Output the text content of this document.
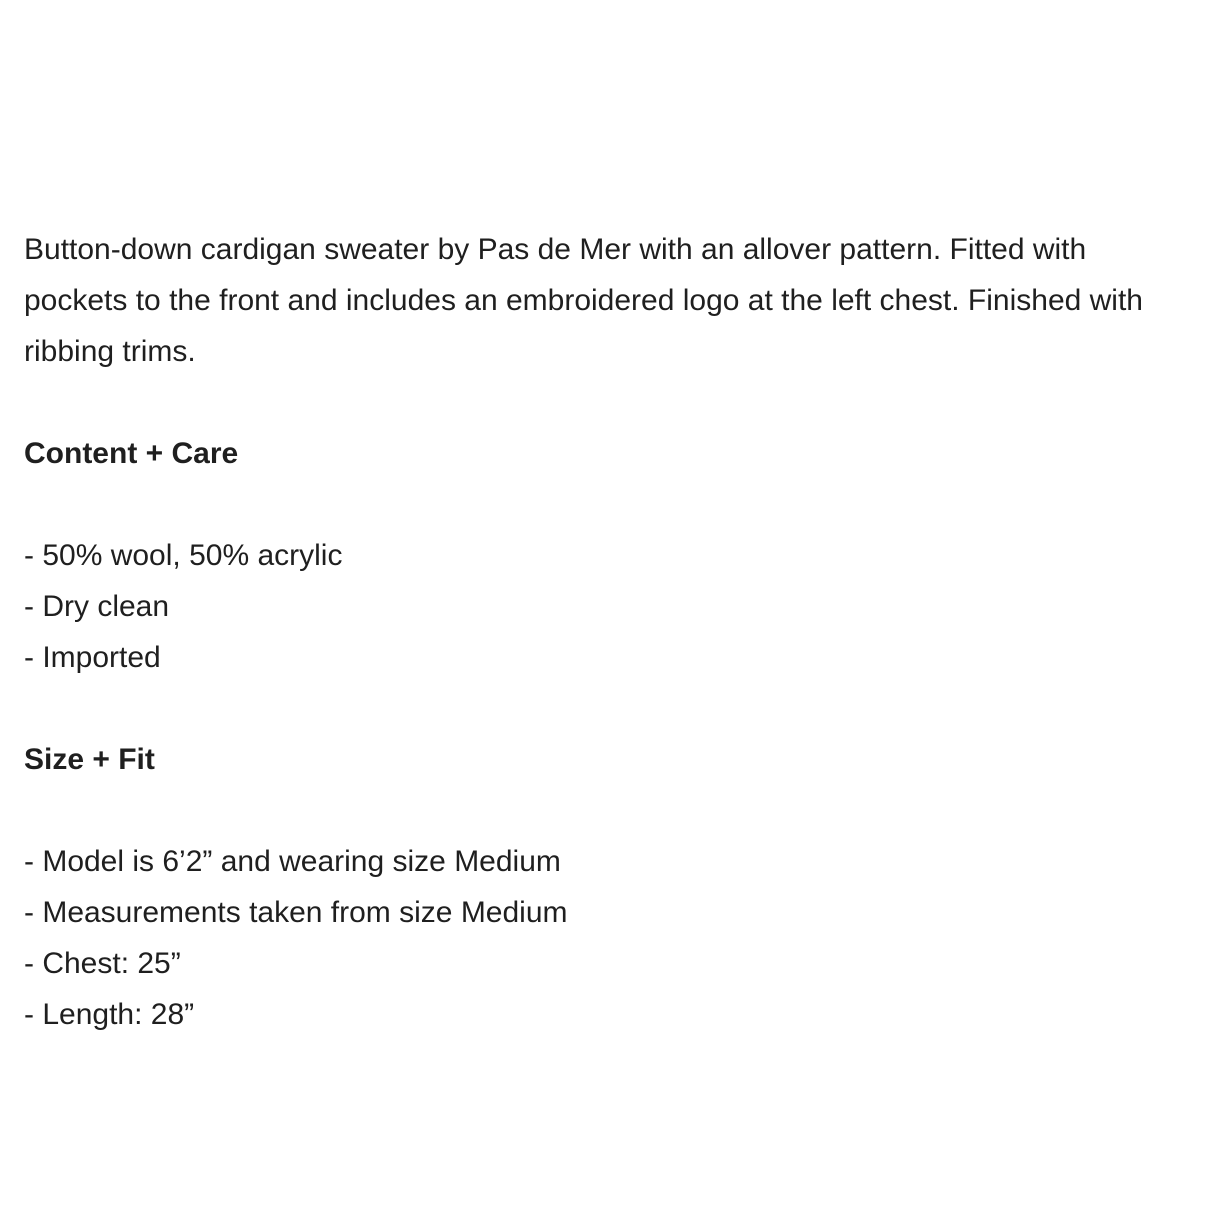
Button-down cardigan sweater by Pas de Mer with an allover pattern. Fitted with pockets to the front and includes an embroidered logo at the left chest. Finished with ribbing trims.

Content + Care
- 50% wool, 50% acrylic
- Dry clean
- Imported
Size + Fit
- Model is 6’2” and wearing size Medium
- Measurements taken from size Medium
- Chest: 25”
- Length: 28”
